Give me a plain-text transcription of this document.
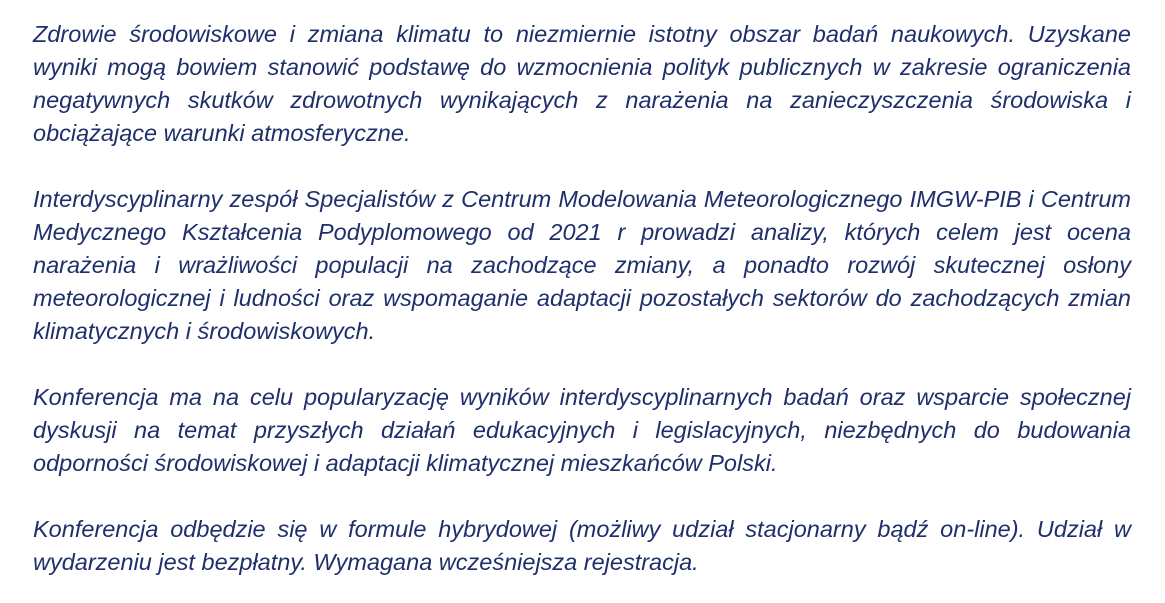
Zdrowie środowiskowe i zmiana klimatu to niezmiernie istotny obszar badań naukowych. Uzyskane wyniki mogą bowiem stanowić podstawę do wzmocnienia polityk publicznych w zakresie ograniczenia negatywnych skutków zdrowotnych wynikających z narażenia na zanieczyszczenia środowiska i obciążające warunki atmosferyczne.

Interdyscyplinarny zespół Specjalistów z Centrum Modelowania Meteorologicznego IMGW-PIB i Centrum Medycznego Kształcenia Podyplomowego od 2021 r prowadzi analizy, których celem jest ocena narażenia i wrażliwości populacji na zachodzące zmiany, a ponadto rozwój skutecznej osłony meteorologicznej i ludności oraz wspomaganie adaptacji pozostałych sektorów do zachodzących zmian klimatycznych i środowiskowych.

Konferencja ma na celu popularyzację wyników interdyscyplinarnych badań oraz wsparcie społecznej dyskusji na temat przyszłych działań edukacyjnych i legislacyjnych, niezbędnych do budowania odporności środowiskowej i adaptacji klimatycznej mieszkańców Polski.

Konferencja odbędzie się w formule hybrydowej (możliwy udział stacjonarny bądź on-line). Udział w wydarzeniu jest bezpłatny. Wymagana wcześniejsza rejestracja.
